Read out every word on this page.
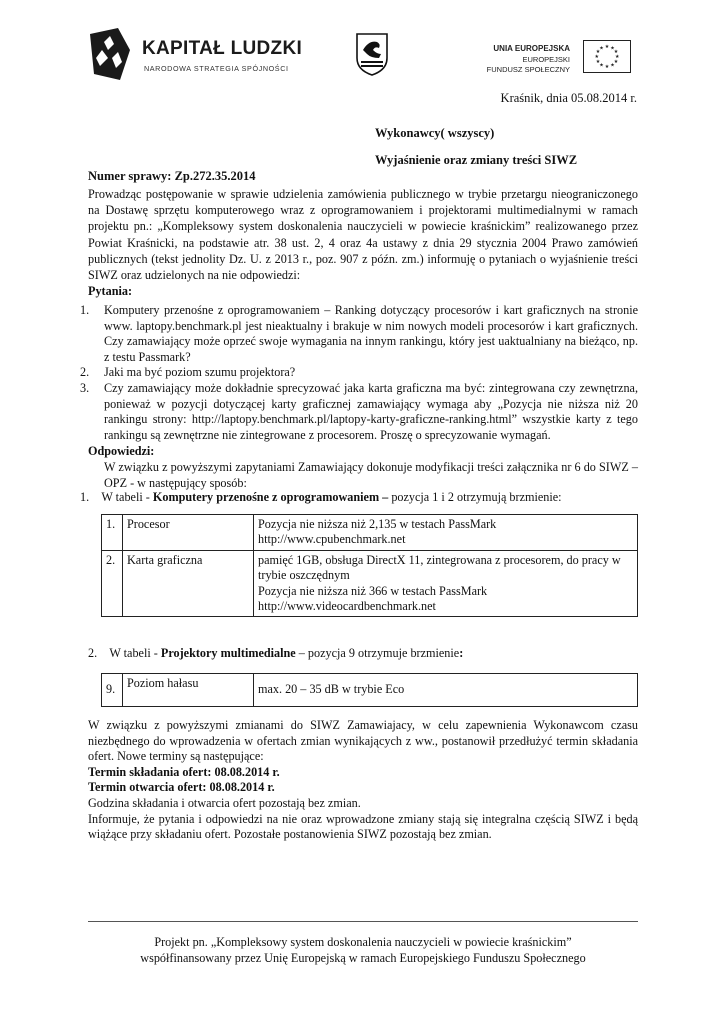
KAPITAŁ LUDZKI
NARODOWA STRATEGIA SPÓJNOŚCI
UNIA EUROPEJSKA
EUROPEJSKI
FUNDUSZ SPOŁECZNY
★ ★
★
★
★
★
★
★
★
★
★
★
Kraśnik, dnia 05.08.2014 r.
Wykonawcy( wszyscy)
Wyjaśnienie oraz zmiany treści SIWZ
Numer sprawy: Zp.272.35.2014
Prowadząc postępowanie w sprawie udzielenia zamówienia publicznego w trybie przetargu nieograniczonego na Dostawę sprzętu komputerowego wraz z oprogramowaniem i projektorami multimedialnymi w ramach projektu pn.: „Kompleksowy system doskonalenia nauczycieli w powiecie kraśnickim” realizowanego przez Powiat Kraśnicki, na podstawie atr. 38 ust. 2, 4 oraz 4a ustawy z dnia 29 stycznia 2004 Prawo zamówień publicznych (tekst jednolity Dz. U. z 2013 r., poz. 907 z późn. zm.) informuję o pytaniach o wyjaśnienie treści SIWZ oraz udzielonych na nie odpowiedzi:
Pytania:
1. Komputery przenośne z oprogramowaniem – Ranking dotyczący procesorów i kart graficznych na stronie www. laptopy.benchmark.pl jest nieaktualny i brakuje w nim nowych modeli procesorów i kart graficznych. Czy zamawiający może oprzeć swoje wymagania na innym rankingu, który jest uaktualniany na bieżąco, np. z testu Passmark?
2. Jaki ma być poziom szumu projektora?
3. Czy zamawiający może dokładnie sprecyzować jaka karta graficzna ma być: zintegrowana czy zewnętrzna, ponieważ w pozycji dotyczącej karty graficznej zamawiający wymaga aby „Pozycja nie niższa niż 20 rankingu strony: http://laptopy.benchmark.pl/laptopy-karty-graficzne-ranking.html” wszystkie karty z tego rankingu są zewnętrzne nie zintegrowane z procesorem. Proszę o sprecyzowanie wymagań.
Odpowiedzi:
W związku z powyższymi zapytaniami Zamawiający dokonuje modyfikacji treści załącznika nr 6 do SIWZ – OPZ - w następujący sposób:
1. W tabeli - Komputery przenośne z oprogramowaniem – pozycja 1 i 2 otrzymują brzmienie:
1.	Procesor	Pozycja nie niższa niż 2,135 w testach PassMark
http://www.cpubenchmark.net

2.	Karta graficzna	pamięć 1GB, obsługa DirectX 11, zintegrowana z procesorem, do pracy w trybie oszczędnym
Pozycja nie niższa niż 366 w testach PassMark
http://www.videocardbenchmark.net
2. W tabeli - Projektory multimedialne – pozycja 9 otrzymuje brzmienie:
9.	Poziom hałasu	max. 20 – 35 dB w trybie Eco
W związku z powyższymi zmianami do SIWZ Zamawiajacy, w celu zapewnienia Wykonawcom czasu niezbędnego do wprowadzenia w ofertach zmian wynikających z ww., postanowił przedłużyć termin składania ofert. Nowe terminy są następujące:
Termin składania ofert: 08.08.2014 r.
Termin otwarcia ofert: 08.08.2014 r.
Godzina składania i otwarcia ofert pozostają bez zmian.
Informuje, że pytania i odpowiedzi na nie oraz wprowadzone zmiany stają się integralna częścią SIWZ i będą wiążące przy składaniu ofert. Pozostałe postanowienia SIWZ pozostają bez zmian.
Projekt pn. „Kompleksowy system doskonalenia nauczycieli w powiecie kraśnickim”
współfinansowany przez Unię Europejską w ramach Europejskiego Funduszu Społecznego
